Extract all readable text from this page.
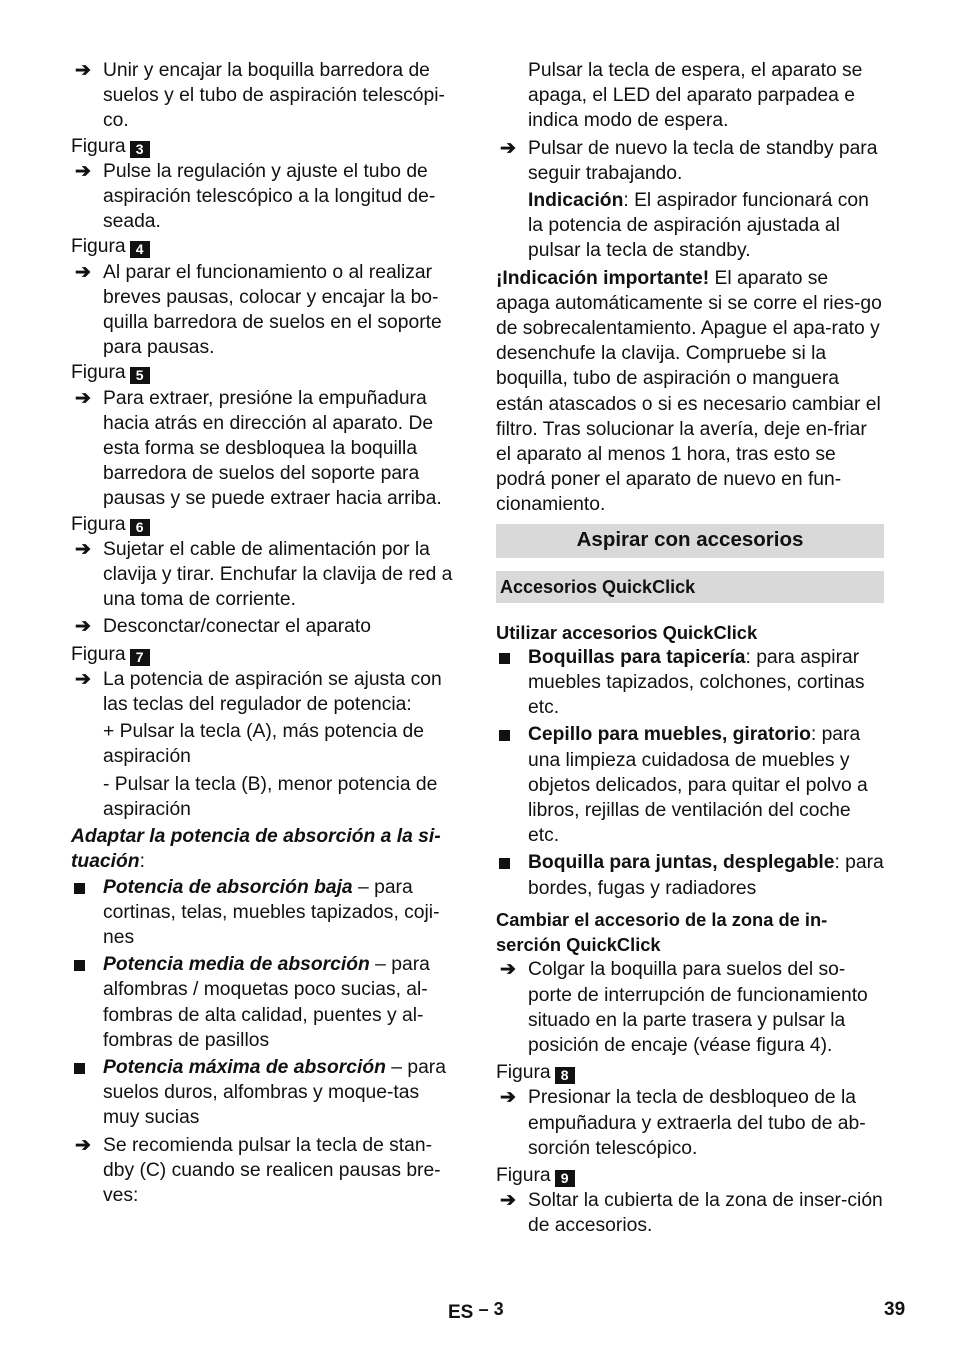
➔ Unir y encajar la boquilla barredora de suelos y el tubo de aspiración telescópi-co.

Figura 3

➔ Pulse la regulación y ajuste el tubo de aspiración telescópico a la longitud de-seada.

Figura 4

➔ Al parar el funcionamiento o al realizar breves pausas, colocar y encajar la bo-quilla barredora de suelos en el soporte para pausas.

Figura 5

➔ Para extraer, presióne la empuñadura hacia atrás en dirección al aparato. De esta forma se desbloquea la boquilla barredora de suelos del soporte para pausas y se puede extraer hacia arriba.

Figura 6

➔ Sujetar el cable de alimentación por la clavija y tirar. Enchufar la clavija de red a una toma de corriente.

➔ Desconctar/conectar el aparato

Figura 7

➔ La potencia de aspiración se ajusta con las teclas del regulador de potencia:

+ Pulsar la tecla (A), más potencia de aspiración

- Pulsar la tecla (B), menor potencia de aspiración

Adaptar la potencia de absorción a la si-tuación:

Potencia de absorción baja – para cortinas, telas, muebles tapizados, coji-nes

Potencia media de absorción – para alfombras / moquetas poco sucias, al-fombras de alta calidad, puentes y al-fombras de pasillos

Potencia máxima de absorción – para suelos duros, alfombras y moque-tas muy sucias

➔ Se recomienda pulsar la tecla de stan-dby (C) cuando se realicen pausas bre-ves:

Pulsar la tecla de espera, el aparato se apaga, el LED del aparato parpadea e indica modo de espera.

➔ Pulsar de nuevo la tecla de standby para seguir trabajando.

Indicación: El aspirador funcionará con la potencia de aspiración ajustada al pulsar la tecla de standby.

¡Indicación importante! El aparato se apaga automáticamente si se corre el ries-go de sobrecalentamiento. Apague el apa-rato y desenchufe la clavija. Compruebe si la boquilla, tubo de aspiración o manguera están atascados o si es necesario cambiar el filtro. Tras solucionar la avería, deje en-friar el aparato al menos 1 hora, tras esto se podrá poner el aparato de nuevo en fun-cionamiento.

Aspirar con accesorios
Accesorios QuickClick

Utilizar accesorios QuickClick

Boquillas para tapicería: para aspirar muebles tapizados, colchones, cortinas etc.

Cepillo para muebles, giratorio: para una limpieza cuidadosa de muebles y objetos delicados, para quitar el polvo a libros, rejillas de ventilación del coche etc.

Boquilla para juntas, desplegable: para bordes, fugas y radiadores

Cambiar el accesorio de la zona de in-serción QuickClick

➔ Colgar la boquilla para suelos del so-porte de interrupción de funcionamiento situado en la parte trasera y pulsar la posición de encaje (véase figura 4).

Figura 8

➔ Presionar la tecla de desbloqueo de la empuñadura y extraerla del tubo de ab-sorción telescópico.

Figura 9

➔ Soltar la cubierta de la zona de inser-ción de accesorios.

ES – 3	39
